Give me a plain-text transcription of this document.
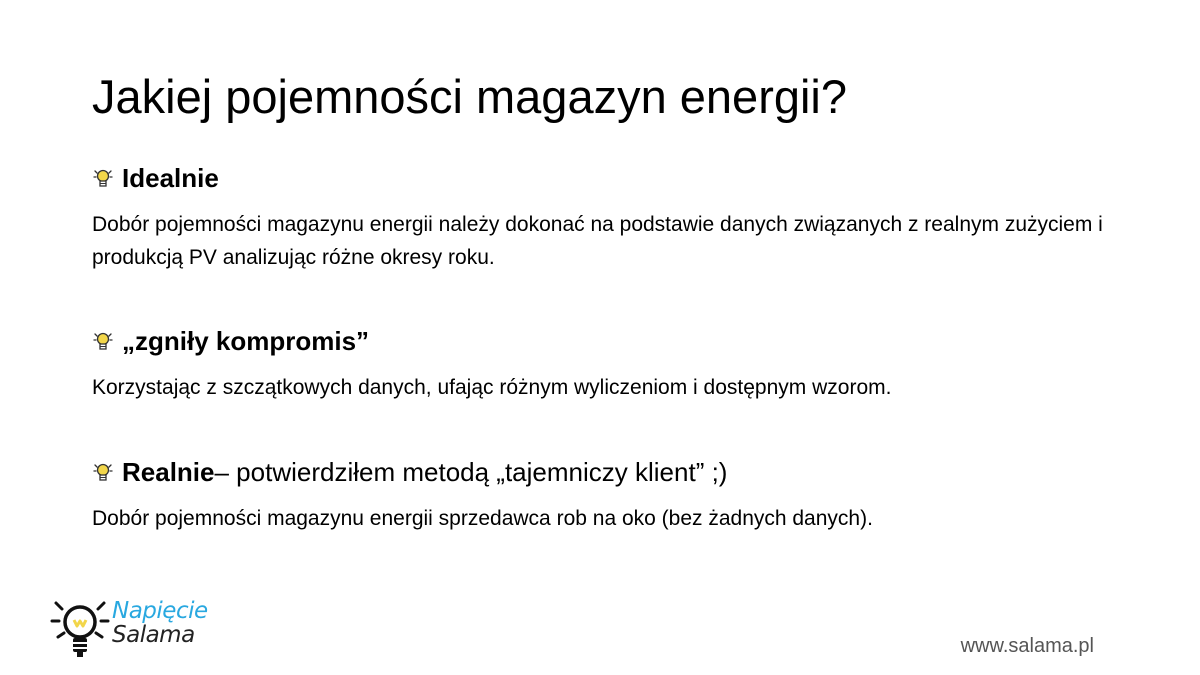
Jakiej pojemności magazyn energii?
Idealnie
Dobór pojemności magazynu energii należy dokonać na podstawie danych związanych z realnym zużyciem i produkcją PV analizując różne okresy roku.
„zgniły kompromis”
Korzystając z szczątkowych danych, ufając różnym wyliczeniom i dostępnym wzorom.
Realnie – potwierdziłem metodą „tajemniczy klient” ;)
Dobór pojemności magazynu energii sprzedawca rob na oko (bez żadnych danych).
Napięcie
Salama	www.salama.pl
